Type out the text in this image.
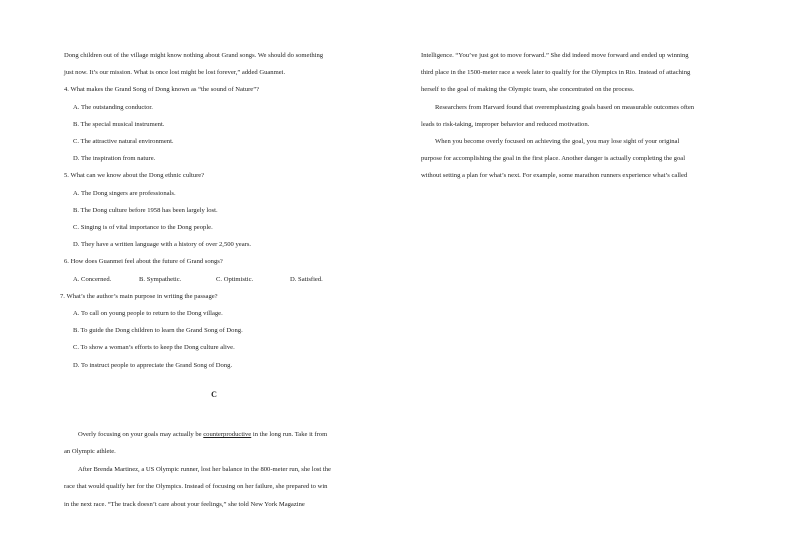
Dong children out of the village might know nothing about Grand songs. We should do something
just now. It’s our mission. What is once lost might be lost forever,” added Guanmei.

4. What makes the Grand Song of Dong known as “the sound of Nature”?

A. The outstanding conductor.

B. The special musical instrument.

C. The attractive natural environment.

D. The inspiration from nature.

5. What can we know about the Dong ethnic culture?

A. The Dong singers are professionals.

B. The Dong culture before 1958 has been largely lost.

C. Singing is of vital importance to the Dong people.

D. They have a written language with a history of over 2,500 years.

6. How does Guanmei feel about the future of Grand songs?

A. Concerned.	B. Sympathetic.	C. Optimistic.	D. Satisfied.

7. What’s the author’s main purpose in writing the passage?

A. To call on young people to return to the Dong village.

B. To guide the Dong children to learn the Grand Song of Dong.

C. To show a woman’s efforts to keep the Dong culture alive.

D. To instruct people to appreciate the Grand Song of Dong.

C

Overly focusing on your goals may actually be counterproductive in the long run. Take it from
an Olympic athlete.

After Brenda Martinez, a US Olympic runner, lost her balance in the 800-meter run, she lost the
race that would qualify her for the Olympics. Instead of focusing on her failure, she prepared to win
in the next race. “The track doesn’t care about your feelings,” she told New York Magazine

Intelligence. “You’ve just got to move forward.” She did indeed move forward and ended up winning
third place in the 1500-meter race a week later to qualify for the Olympics in Rio. Instead of attaching
herself to the goal of making the Olympic team, she concentrated on the process.

Researchers from Harvard found that overemphasizing goals based on measurable outcomes often
leads to risk-taking, improper behavior and reduced motivation.

When you become overly focused on achieving the goal, you may lose sight of your original
purpose for accomplishing the goal in the first place. Another danger is actually completing the goal
without setting a plan for what’s next. For example, some marathon runners experience what’s called
